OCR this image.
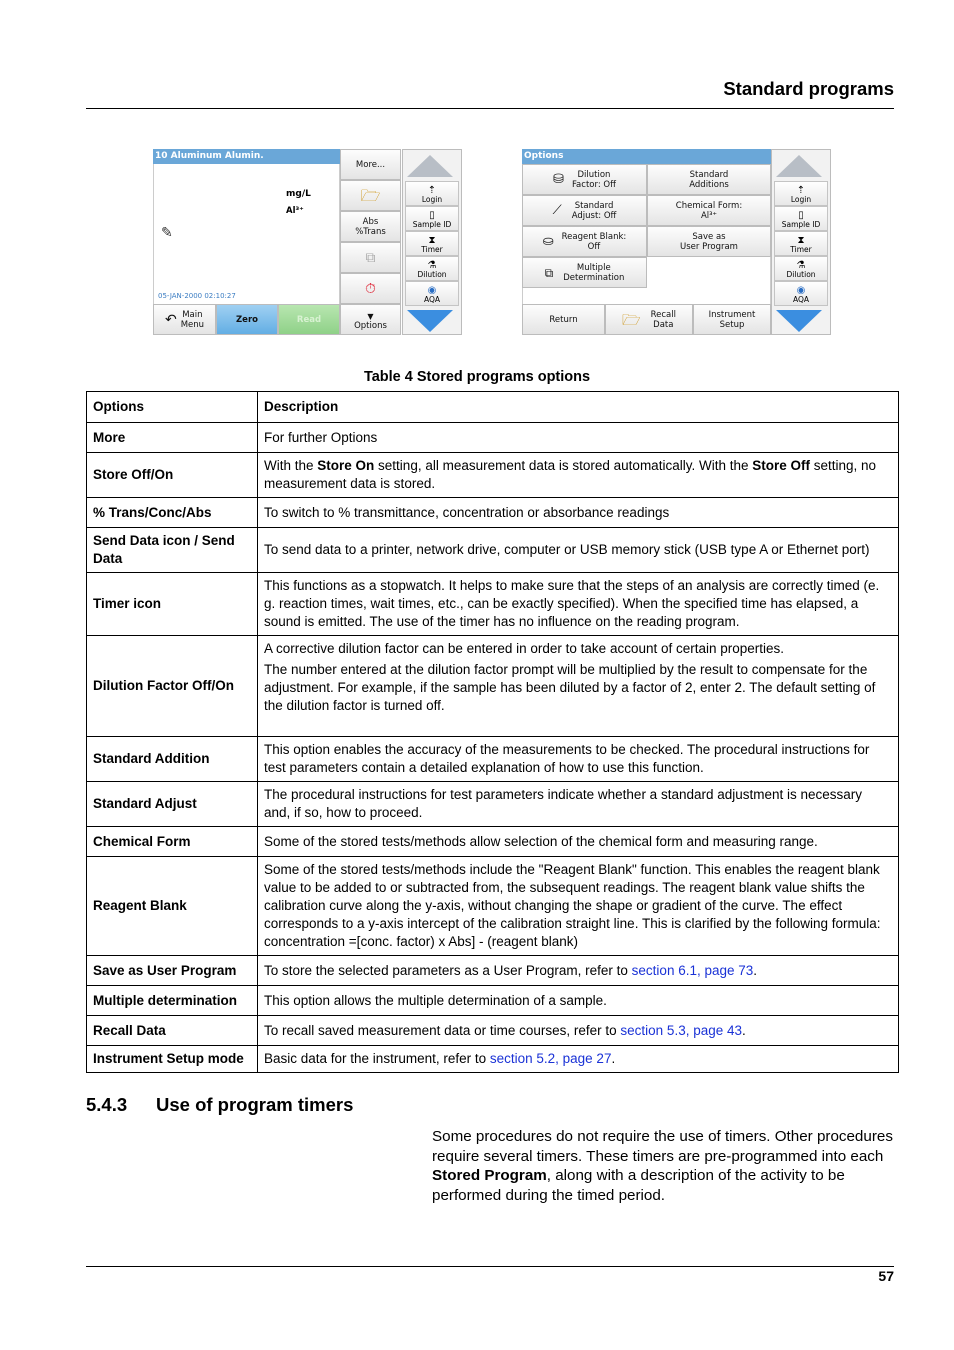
Standard programs
10 Aluminum Alumin.
mg/L
Al³⁺
✎
05-JAN-2000 02:10:27
More...
🗁
Abs
%Trans
⧉
⏱
▼
Options
↶ Main
Menu	Zero	Read
⇡
Login
▯
Sample ID
⧗
Timer
⚗
Dilution
◉
AQA
Options
⛁	Dilution
Factor: Off
Standard
Additions
⟋	Standard
Adjust: Off
Chemical Form:
Al³⁺
⛀ Reagent Blank:
Off
Save as
User Program
⧉	Multiple
Determination
Return	🗁 Recall
Data
Instrument
Setup
⇡
Login
▯
Sample ID
⧗
Timer
⚗
Dilution
◉
AQA
Table 4 Stored programs options
Options	Description
More	For further Options
Store Off/On	With the Store On setting, all measurement data is stored automatically. With the Store Off setting, no measurement data is stored.
% Trans/Conc/Abs	To switch to % transmittance, concentration or absorbance readings
Send Data icon / Send Data	To send data to a printer, network drive, computer or USB memory stick (USB type A or Ethernet port)
Timer icon	This functions as a stopwatch. It helps to make sure that the steps of an analysis are correctly timed (e. g. reaction times, wait times, etc., can be exactly specified). When the specified time has elapsed, a sound is emitted. The use of the timer has no influence on the reading program.
Dilution Factor Off/On	A corrective dilution factor can be entered in order to take account of certain properties.

The number entered at the dilution factor prompt will be multiplied by the result to compensate for the adjustment. For example, if the sample has been diluted by a factor of 2, enter 2. The default setting of the dilution factor is turned off.

Standard Addition	This option enables the accuracy of the measurements to be checked. The procedural instructions for test parameters contain a detailed explanation of how to use this function.
Standard Adjust	The procedural instructions for test parameters indicate whether a standard adjustment is necessary and, if so, how to proceed.
Chemical Form	Some of the stored tests/methods allow selection of the chemical form and measuring range.
Reagent Blank	Some of the stored tests/methods include the "Reagent Blank" function. This enables the reagent blank value to be added to or subtracted from, the subsequent readings. The reagent blank value shifts the calibration curve along the y-axis, without changing the shape or gradient of the curve. The effect corresponds to a y-axis intercept of the calibration straight line. This is clarified by the following formula: concentration =[conc. factor) x Abs] - (reagent blank)
Save as User Program	To store the selected parameters as a User Program, refer to section 6.1, page 73.
Multiple determination	This option allows the multiple determination of a sample.
Recall Data	To recall saved measurement data or time courses, refer to section 5.3, page 43.
Instrument Setup mode	Basic data for the instrument, refer to section 5.2, page 27.
5.4.3 Use of program timers
Some procedures do not require the use of timers. Other procedures require several timers. These timers are pre-programmed into each Stored Program, along with a description of the activity to be performed during the timed period.
57
